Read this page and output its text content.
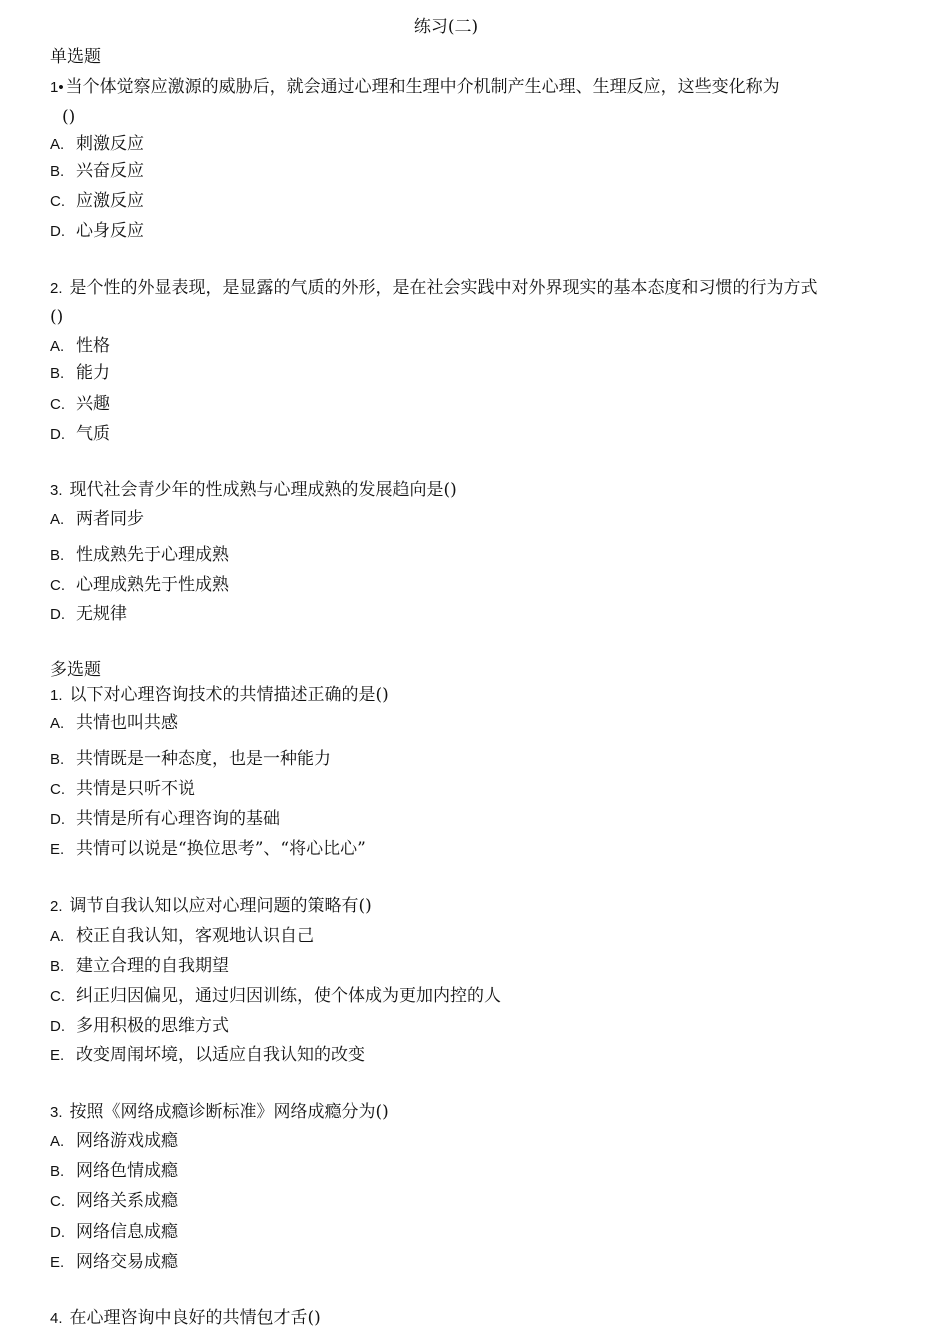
练习(二)
单选题
1• 当个体觉察应激源的威胁后，就会通过心理和生理中介机制产生心理、生理反应，这些变化称为
()
A. 刺激反应
B. 兴奋反应
C. 应激反应
D. 心身反应
2. 是个性的外显表现，是显露的气质的外形，是在社会实践中对外界现实的基本态度和习惯的行为方式
()
A. 性格
B. 能力
C. 兴趣
D. 气质
3. 现代社会青少年的性成熟与心理成熟的发展趋向是()
A. 两者同步
B. 性成熟先于心理成熟
C. 心理成熟先于性成熟
D. 无规律
多选题
1. 以下对心理咨询技术的共情描述正确的是()
A. 共情也叫共感
B. 共情既是一种态度，也是一种能力
C. 共情是只听不说
D. 共情是所有心理咨询的基础
E. 共情可以说是“换位思考”、“将心比心”
2. 调节自我认知以应对心理问题的策略有()
A. 校正自我认知，客观地认识自己
B. 建立合理的自我期望
C. 纠正归因偏见，通过归因训练，使个体成为更加内控的人
D. 多用积极的思维方式
E. 改变周闱坏境，以适应自我认知的改变
3. 按照《网络成瘾诊断标准》网络成瘾分为()
A. 网络游戏成瘾
B. 网络色情成瘾
C. 网络关系成瘾
D. 网络信息成瘾
E. 网络交易成瘾
4. 在心理咨询中良好的共情包才舌()
